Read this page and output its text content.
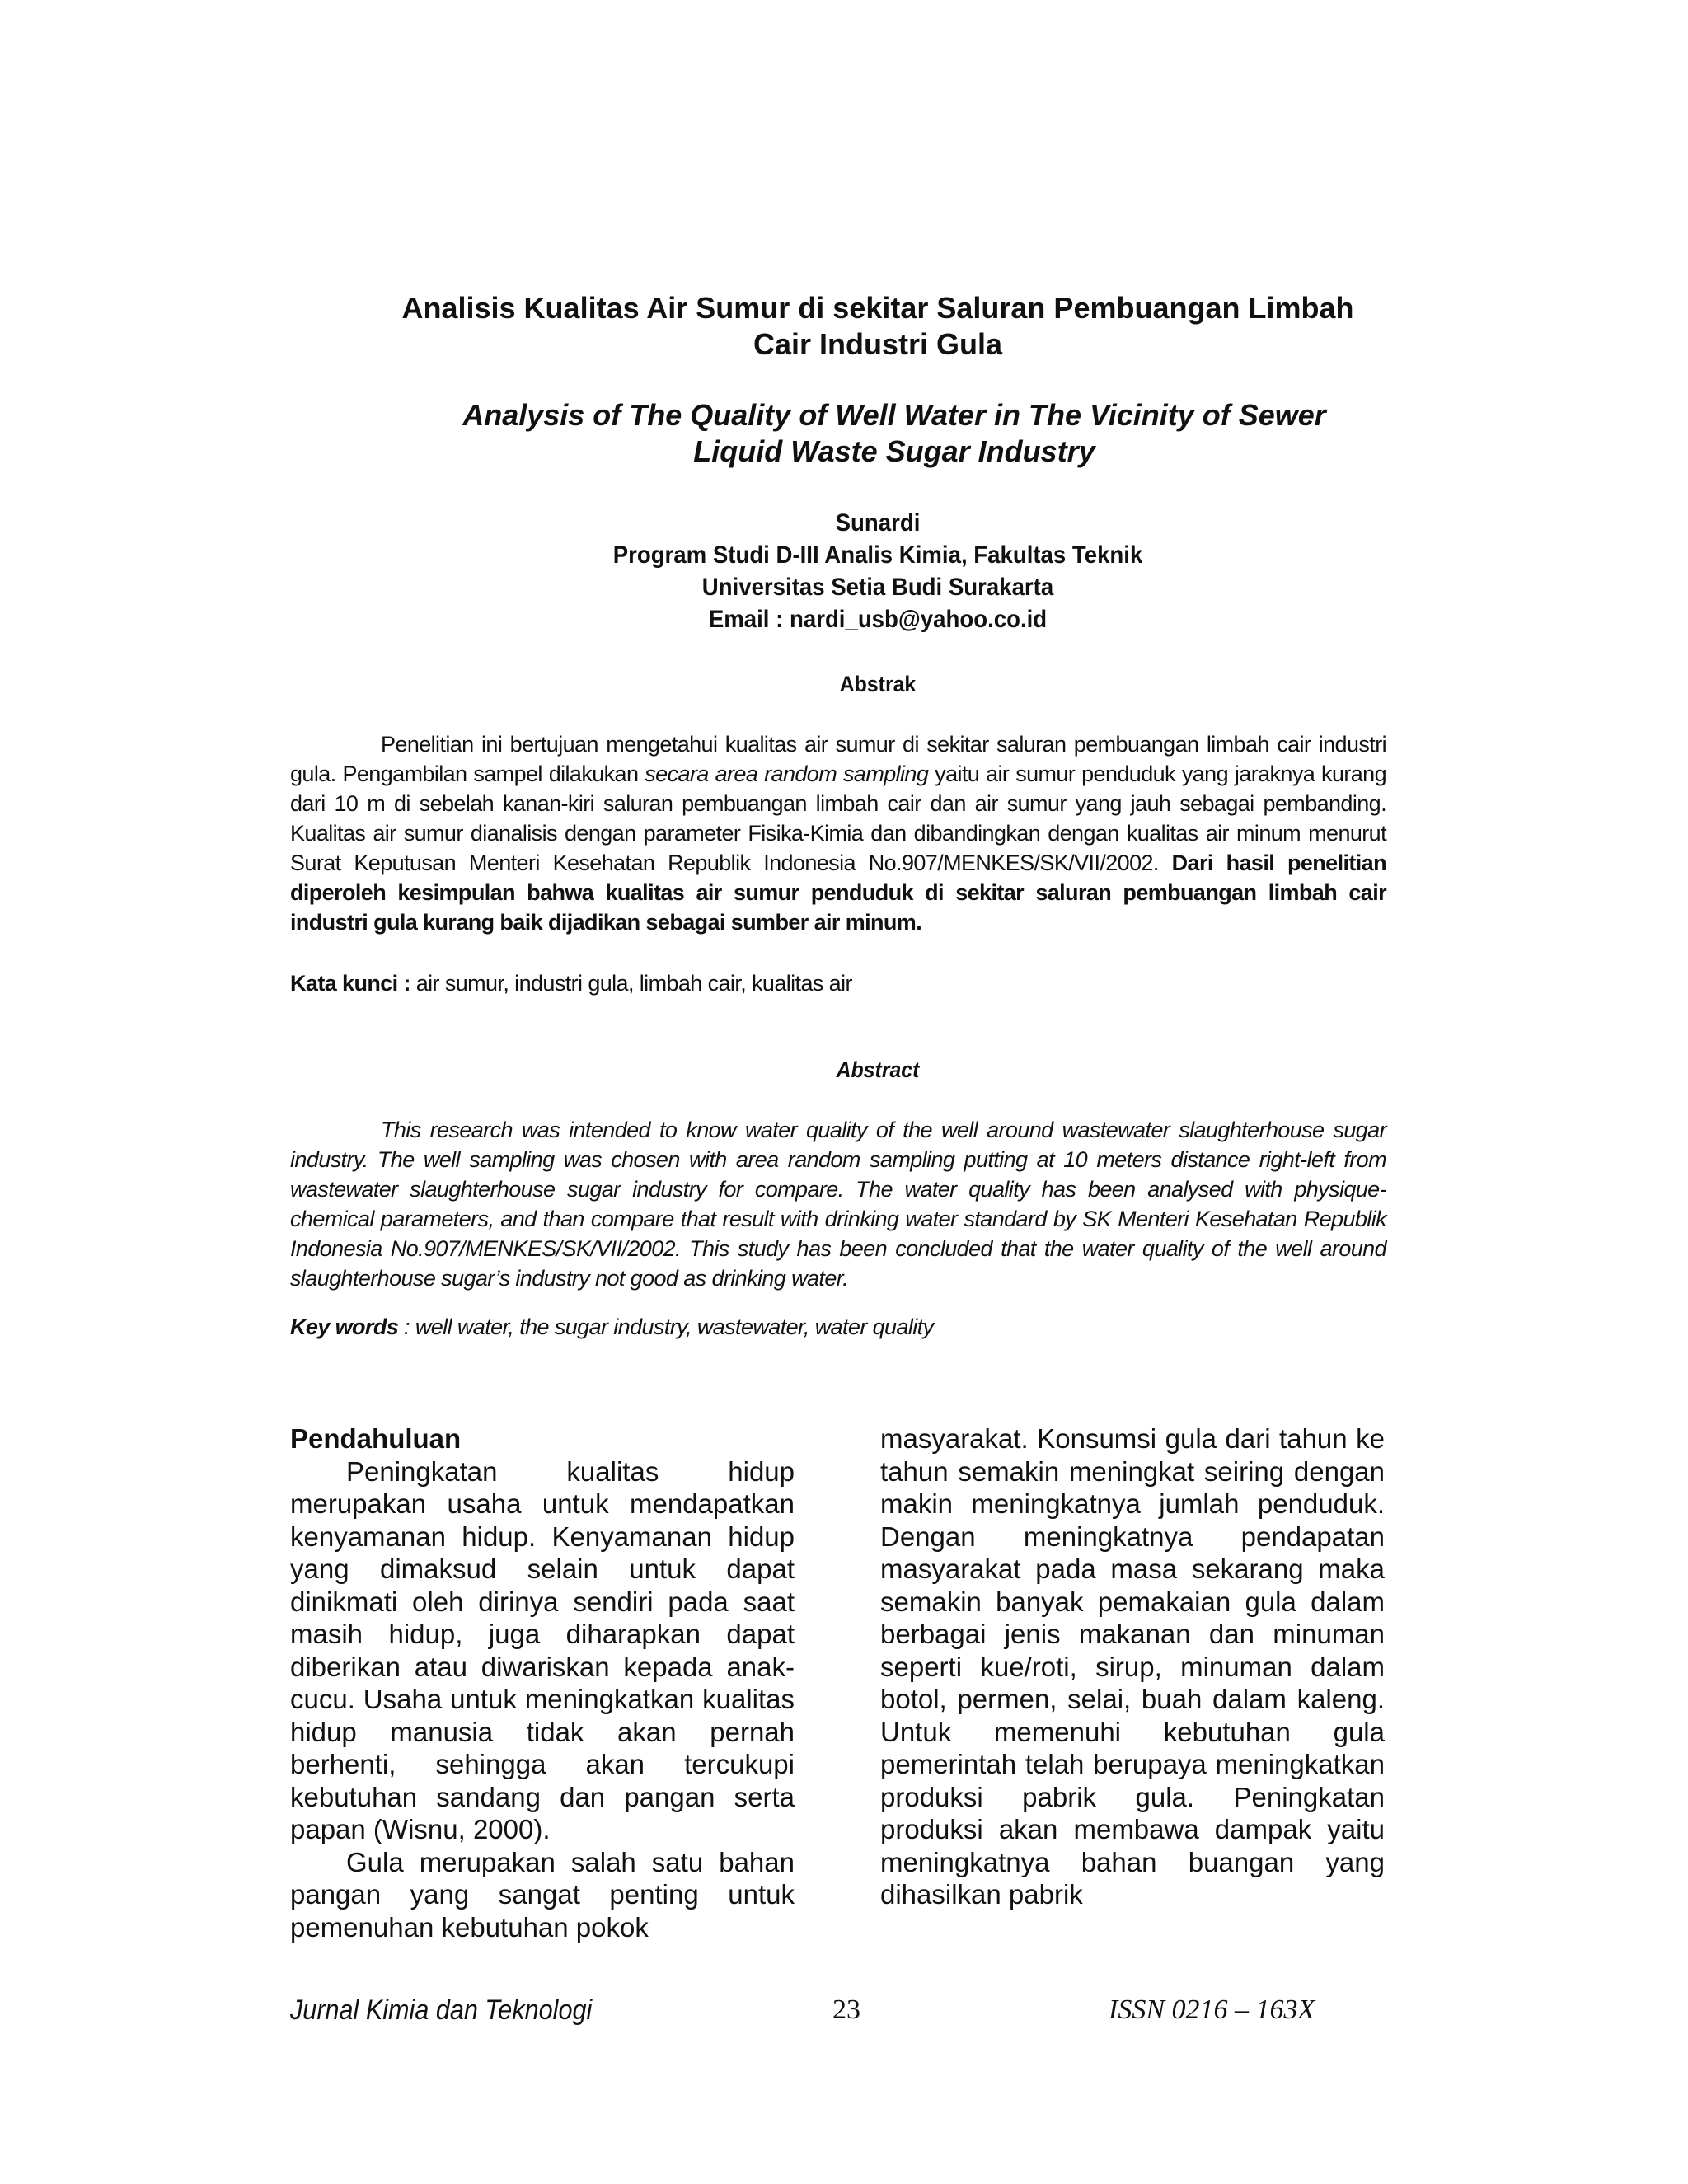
Analisis Kualitas Air Sumur di sekitar Saluran Pembuangan Limbah
Cair Industri Gula
Analysis of The Quality of Well Water in The Vicinity of Sewer
Liquid Waste Sugar Industry
Sunardi
Program Studi D-III Analis Kimia, Fakultas Teknik
Universitas Setia Budi Surakarta
Email : nardi_usb@yahoo.co.id
Abstrak
Penelitian ini bertujuan mengetahui kualitas air sumur di sekitar saluran pembuangan limbah cair industri gula. Pengambilan sampel dilakukan secara area random sampling yaitu air sumur penduduk yang jaraknya kurang dari 10 m di sebelah kanan-kiri saluran pembuangan limbah cair dan air sumur yang jauh sebagai pembanding. Kualitas air sumur dianalisis dengan parameter Fisika-Kimia dan dibandingkan dengan kualitas air minum menurut Surat Keputusan Menteri Kesehatan Republik Indonesia No.907/MENKES/SK/VII/2002. Dari hasil penelitian diperoleh kesimpulan bahwa kualitas air sumur penduduk di sekitar saluran pembuangan limbah cair industri gula kurang baik dijadikan sebagai sumber air minum.
Kata kunci : air sumur, industri gula, limbah cair, kualitas air
Abstract
This research was intended to know water quality of the well around wastewater slaughterhouse sugar industry. The well sampling was chosen with area random sampling putting at 10 meters distance right-left from wastewater slaughterhouse sugar industry for compare. The water quality has been analysed with physique-chemical parameters, and than compare that result with drinking water standard by SK Menteri Kesehatan Republik Indonesia No.907/MENKES/SK/VII/2002. This study has been concluded that the water quality of the well around slaughterhouse sugar’s industry not good as drinking water.
Key words : well water, the sugar industry, wastewater, water quality
Pendahuluan

Peningkatan kualitas hidup merupakan usaha untuk mendapatkan kenyamanan hidup. Kenyamanan hidup yang dimaksud selain untuk dapat dinikmati oleh dirinya sendiri pada saat masih hidup, juga diharapkan dapat diberikan atau diwariskan kepada anak-cucu. Usaha untuk meningkatkan kualitas hidup manusia tidak akan pernah berhenti, sehingga akan tercukupi kebutuhan sandang dan pangan serta papan (Wisnu, 2000).

Gula merupakan salah satu bahan pangan yang sangat penting untuk pemenuhan kebutuhan pokok

masyarakat. Konsumsi gula dari tahun ke tahun semakin meningkat seiring dengan makin meningkatnya jumlah penduduk. Dengan meningkatnya pendapatan masyarakat pada masa sekarang maka semakin banyak pemakaian gula dalam berbagai jenis makanan dan minuman seperti kue/roti, sirup, minuman dalam botol, permen, selai, buah dalam kaleng. Untuk memenuhi kebutuhan gula pemerintah telah berupaya meningkatkan produksi pabrik gula. Peningkatan produksi akan membawa dampak yaitu meningkatnya bahan buangan yang dihasilkan pabrik

Jurnal Kimia dan Teknologi	23	ISSN 0216 – 163X
